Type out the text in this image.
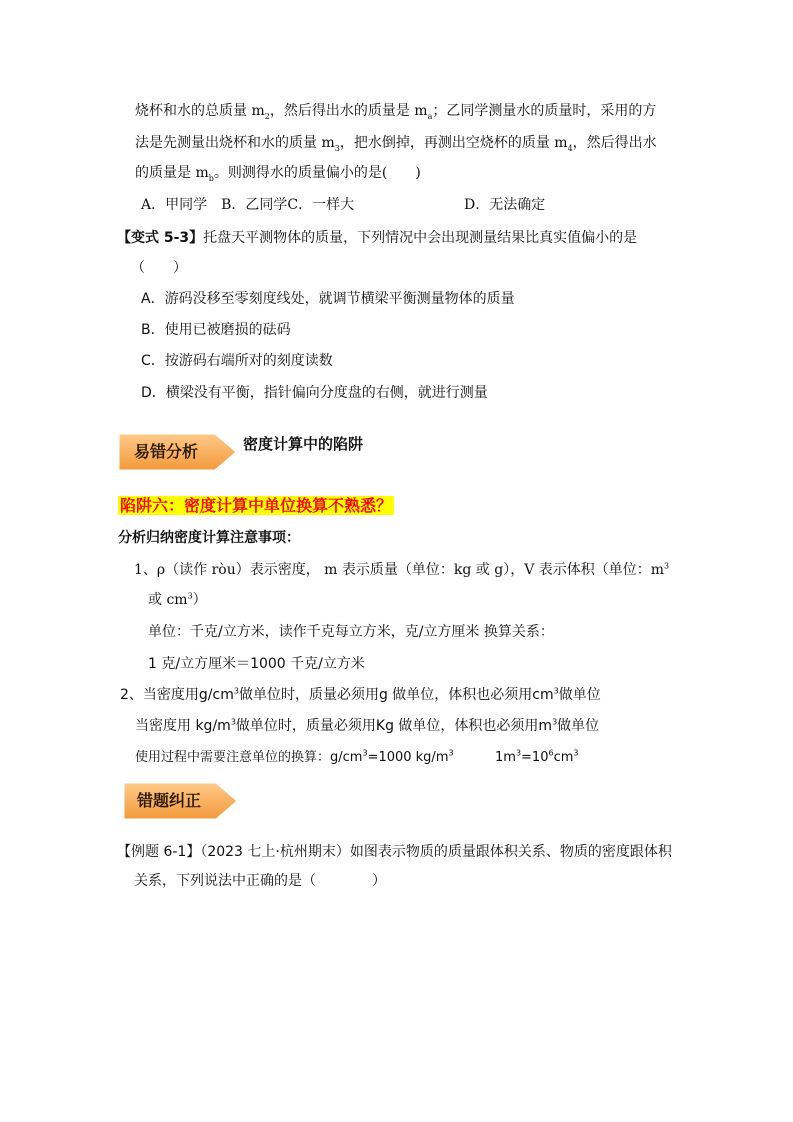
烧杯和水的总质量 $m_2$，然后得出水的质量是 $m_a$；乙同学测量水的质量时，采用的方
法是先测量出烧杯和水的质量 $m_3$，把水倒掉，再测出空烧杯的质量 $m_4$，然后得出水
的质量是 $m_b$。则测得水的质量偏小的是(　　)
A．甲同学 B．乙同学C．一样大	D．无法确定
【变式 5-3】托盘天平测物体的质量，下列情况中会出现测量结果比真实值偏小的是
（　　）
A．游码没移至零刻度线处，就调节横梁平衡测量物体的质量
B．使用已被磨损的砝码
C．按游码右端所对的刻度读数
D．横梁没有平衡，指针偏向分度盘的右侧，就进行测量
易错分析	密度计算中的陷阱
陷阱六：密度计算中单位换算不熟悉？
分析归纳密度计算注意事项：
1、ρ（读作 ròu）表示密度， m 表示质量（单位：kg 或 g），V 表示体积（单位：$m^3$
或 $cm^3$）
单位：千克/立方米，读作千克每立方米，克/立方厘米 换算关系：
1 克/立方厘米＝1000 千克/立方米
2、当密度用$g/cm^3$做单位时，质量必须用g 做单位，体积也必须用$cm^3$做单位
当密度用 $kg/m^3$做单位时，质量必须用Kg 做单位，体积也必须用$m^3$做单位
使用过程中需要注意单位的换算：$g/cm^3=1000$ $kg/m^3$	$1m^3=10^6cm^3$
错题纠正
【例题 6-1】（2023 七上·杭州期末）如图表示物质的质量跟体积关系、物质的密度跟体积
关系，下列说法中正确的是（　　　　）
